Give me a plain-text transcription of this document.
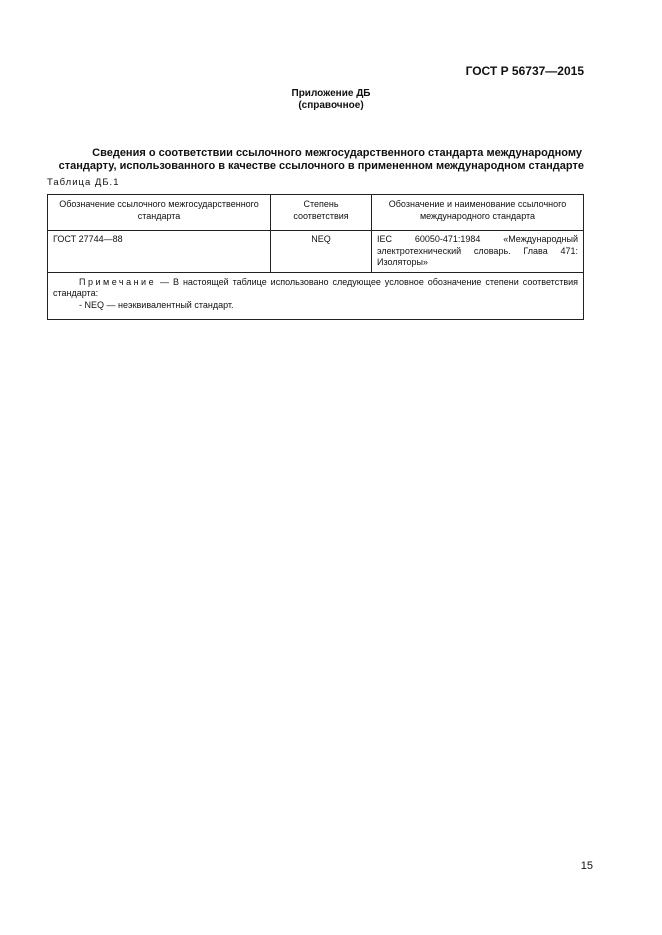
ГОСТ Р 56737—2015
Приложение ДБ
(справочное)
Сведения о соответствии ссылочного межгосударственного стандарта международному
стандарту, использованного в качестве ссылочного в примененном международном стандарте
Таблица ДБ.1
Обозначение ссылочного межгосударственного стандарта	Степень соответствия	Обозначение и наименование ссылочного международного стандарта
ГОСТ 27744—88	NEQ	IEC 60050-471:1984 «Международный электротехнический словарь. Глава 471: Изоляторы»

Примечание — В настоящей таблице использовано следующее условное обозначение степени соответствия стандарта:
- NEQ — неэквивалентный стандарт.		
15
